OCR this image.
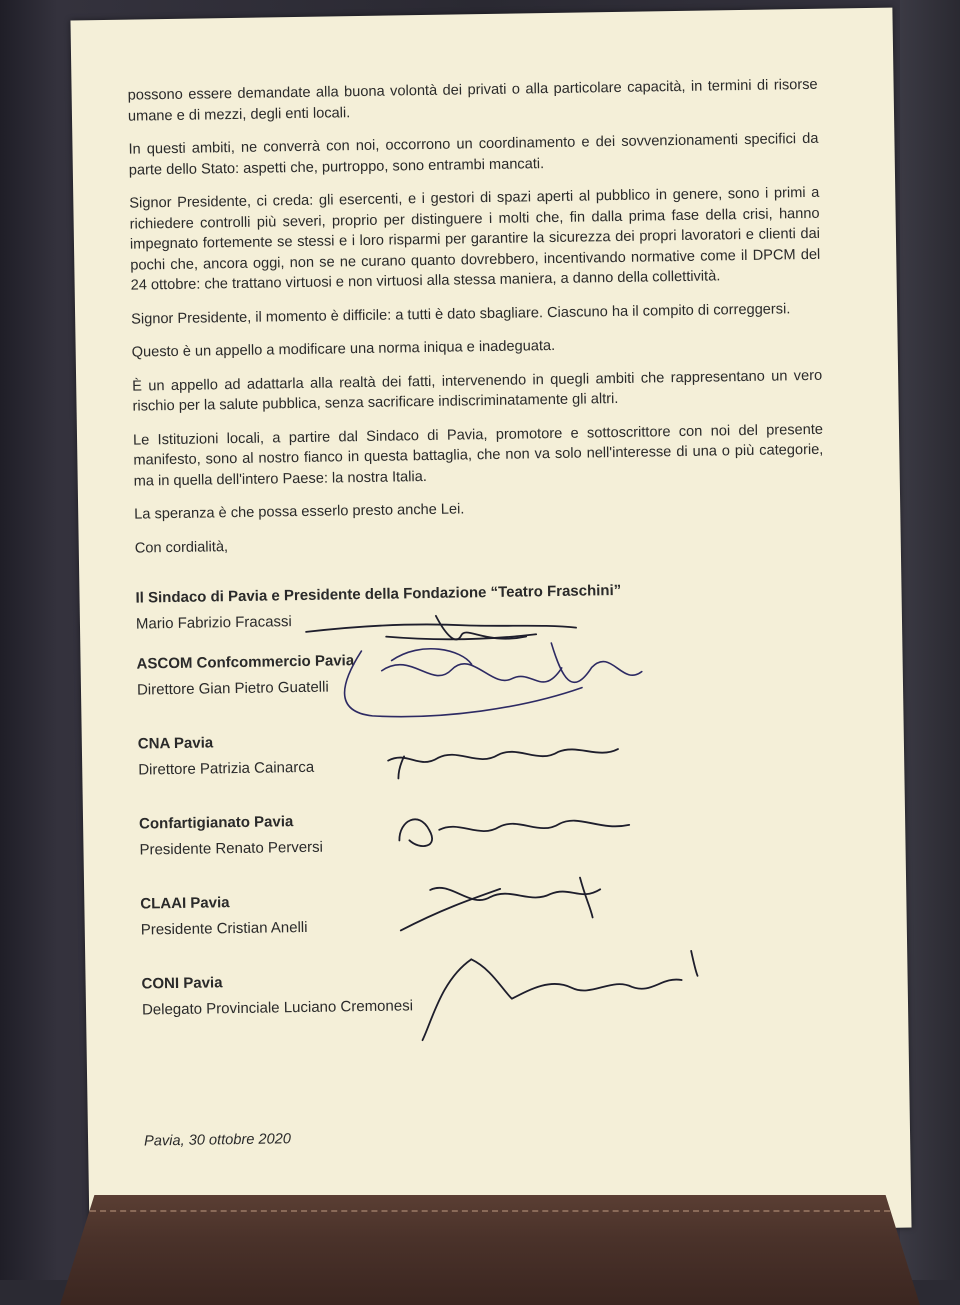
possono essere demandate alla buona volontà dei privati o alla particolare capacità, in termini di risorse umane e di mezzi, degli enti locali.

In questi ambiti, ne converrà con noi, occorrono un coordinamento e dei sovvenzionamenti specifici da parte dello Stato: aspetti che, purtroppo, sono entrambi mancati.

Signor Presidente, ci creda: gli esercenti, e i gestori di spazi aperti al pubblico in genere, sono i primi a richiedere controlli più severi, proprio per distinguere i molti che, fin dalla prima fase della crisi, hanno impegnato fortemente se stessi e i loro risparmi per garantire la sicurezza dei propri lavoratori e clienti dai pochi che, ancora oggi, non se ne curano quanto dovrebbero, incentivando normative come il DPCM del 24 ottobre: che trattano virtuosi e non virtuosi alla stessa maniera, a danno della collettività.

Signor Presidente, il momento è difficile: a tutti è dato sbagliare. Ciascuno ha il compito di correggersi.

Questo è un appello a modificare una norma iniqua e inadeguata.

È un appello ad adattarla alla realtà dei fatti, intervenendo in quegli ambiti che rappresentano un vero rischio per la salute pubblica, senza sacrificare indiscriminatamente gli altri.

Le Istituzioni locali, a partire dal Sindaco di Pavia, promotore e sottoscrittore con noi del presente manifesto, sono al nostro fianco in questa battaglia, che non va solo nell'interesse di una o più categorie, ma in quella dell'intero Paese: la nostra Italia.

La speranza è che possa esserlo presto anche Lei.

Con cordialità,

Il Sindaco di Pavia e Presidente della Fondazione “Teatro Fraschini”
Mario Fabrizio Fracassi
ASCOM Confcommercio Pavia
Direttore Gian Pietro Guatelli
CNA Pavia
Direttore Patrizia Cainarca
Confartigianato Pavia
Presidente Renato Perversi
CLAAI Pavia
Presidente Cristian Anelli
CONI Pavia
Delegato Provinciale Luciano Cremonesi
Pavia, 30 ottobre 2020
